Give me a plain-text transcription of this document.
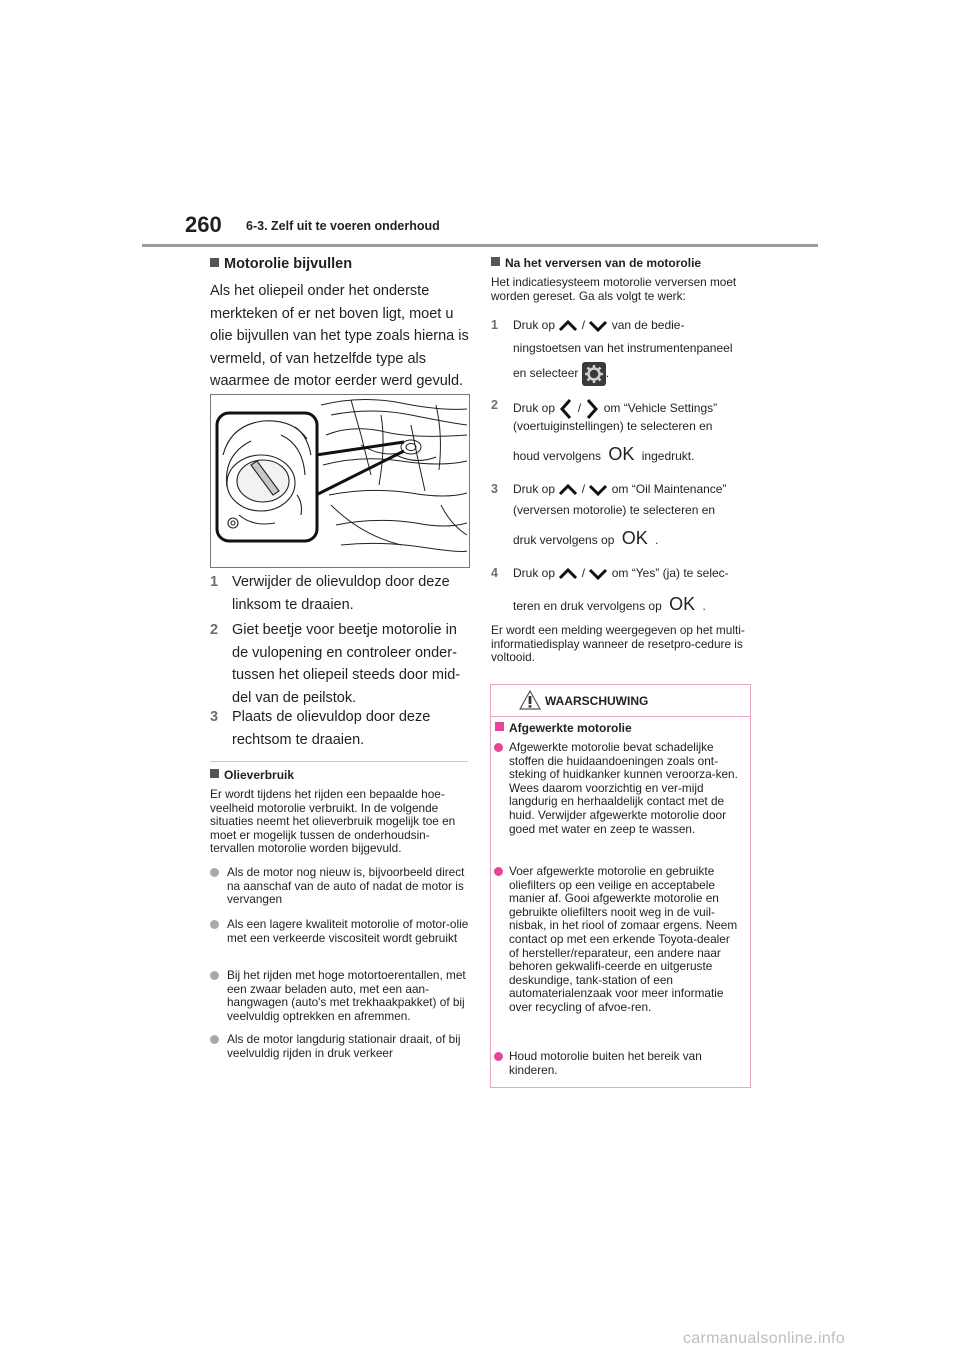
260 6-3. Zelf uit te voeren onderhoud
Motorolie bijvullen
Als het oliepeil onder het onderste merkteken of er net boven ligt, moet u olie bijvullen van het type zoals hierna is vermeld, of van hetzelfde type als waarmee de motor eerder werd gevuld.
1 Verwijder de olievuldop door deze linksom te draaien.
2 Giet beetje voor beetje motorolie in de vulopening en controleer onder-tussen het oliepeil steeds door mid-del van de peilstok.
3 Plaats de olievuldop door deze rechtsom te draaien.
Olieverbruik
Er wordt tijdens het rijden een bepaalde hoe-veelheid motorolie verbruikt. In de volgende situaties neemt het olieverbruik mogelijk toe en moet er mogelijk tussen de onderhoudsin-tervallen motorolie worden bijgevuld.
Als de motor nog nieuw is, bijvoorbeeld direct na aanschaf van de auto of nadat de motor is vervangen
Als een lagere kwaliteit motorolie of motor-olie met een verkeerde viscositeit wordt gebruikt
Bij het rijden met hoge motortoerentallen, met een zwaar beladen auto, met een aan-hangwagen (auto's met trekhaakpakket) of bij veelvuldig optrekken en afremmen.
Als de motor langdurig stationair draait, of bij veelvuldig rijden in druk verkeer
Na het verversen van de motorolie
Het indicatiesysteem motorolie verversen moet worden gereset. Ga als volgt te werk:
1 Druk op / van de bedie-
ningstoetsen van het instrumentenpaneel
en selecteer .
2 Druk op / om “Vehicle Settings”
(voertuiginstellingen) te selecteren en
houd vervolgens OK ingedrukt.
3 Druk op / om “Oil Maintenance”
(verversen motorolie) te selecteren en
druk vervolgens op OK .
4 Druk op / om “Yes” (ja) te selec-
teren en druk vervolgens op OK .
Er wordt een melding weergegeven op het multi-informatiedisplay wanneer de resetpro-cedure is voltooid.
WAARSCHUWING
Afgewerkte motorolie
Afgewerkte motorolie bevat schadelijke stoffen die huidaandoeningen zoals ont-steking of huidkanker kunnen veroorza-ken. Wees daarom voorzichtig en ver-mijd langdurig en herhaaldelijk contact met de huid. Verwijder afgewerkte motorolie door goed met water en zeep te wassen.
Voer afgewerkte motorolie en gebruikte oliefilters op een veilige en acceptabele manier af. Gooi afgewerkte motorolie en gebruikte oliefilters nooit weg in de vuil-nisbak, in het riool of zomaar ergens. Neem contact op met een erkende Toyota-dealer of hersteller/reparateur, een andere naar behoren gekwalifi-ceerde en uitgeruste deskundige, tank-station of een automaterialenzaak voor meer informatie over recycling of afvoe-ren.
Houd motorolie buiten het bereik van kinderen.
carmanualsonline.info
